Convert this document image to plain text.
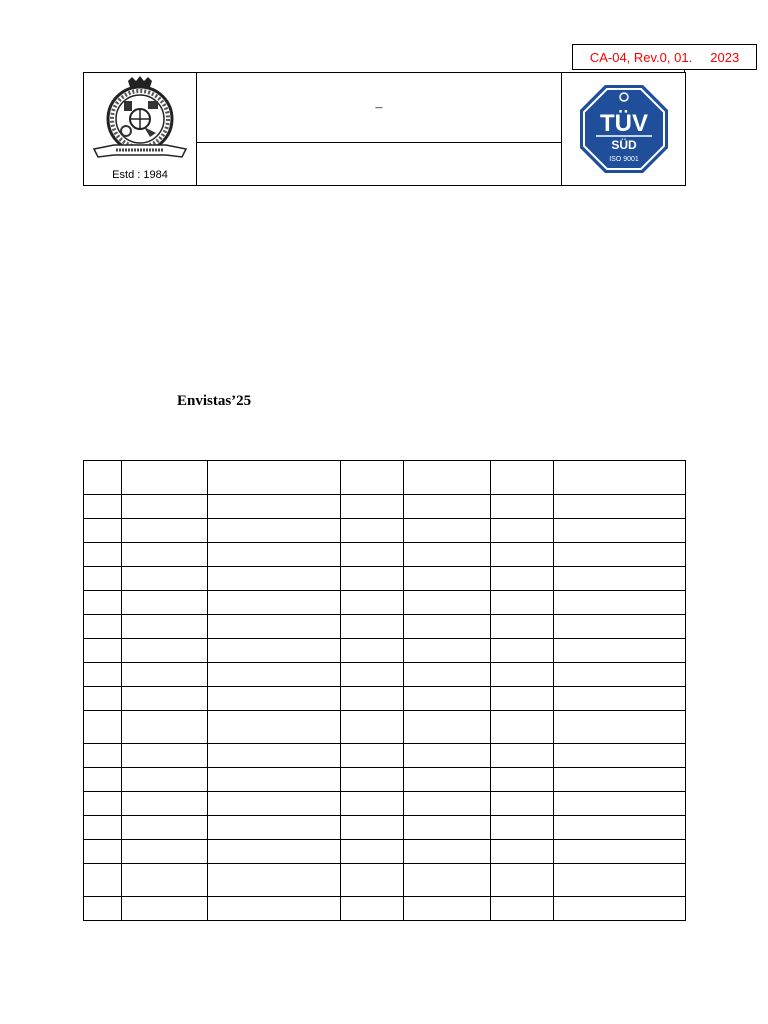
CA-04, Rev.0, 01.     2023
Estd : 1984
–
TÜV
SÜD
ISO 9001
Envistas’25
